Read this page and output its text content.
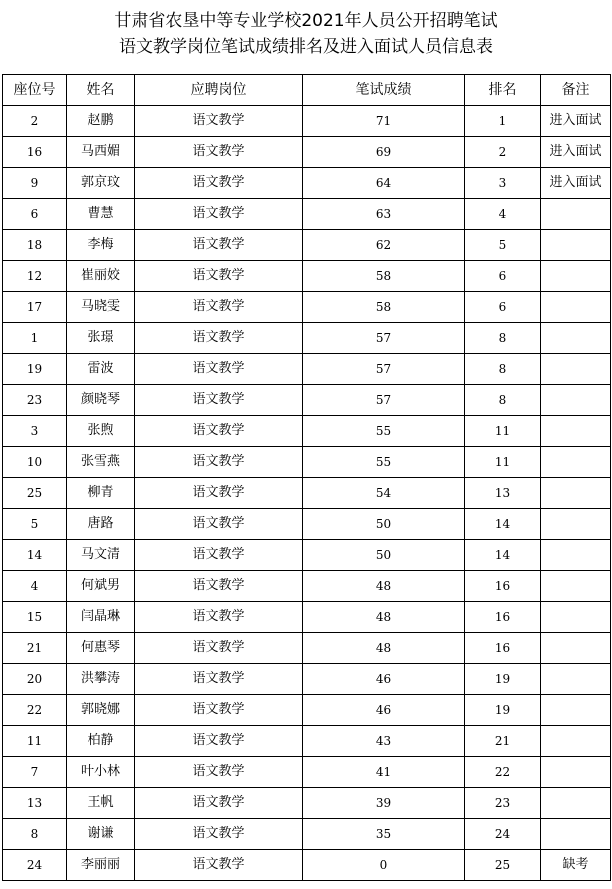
甘肃省农垦中等专业学校2021年人员公开招聘笔试
语文教学岗位笔试成绩排名及进入面试人员信息表
座位号	姓名	应聘岗位	笔试成绩	排名	备注
2	赵鹏	语文教学	71	1	进入面试
16	马西媚	语文教学	69	2	进入面试
9	郭京玟	语文教学	64	3	进入面试
6	曹慧	语文教学	63	4	
18	李梅	语文教学	62	5	
12	崔丽姣	语文教学	58	6	
17	马晓雯	语文教学	58	6	
1	张璟	语文教学	57	8	
19	雷波	语文教学	57	8	
23	颜晓琴	语文教学	57	8	
3	张煦	语文教学	55	11	
10	张雪燕	语文教学	55	11	
25	柳青	语文教学	54	13	
5	唐路	语文教学	50	14	
14	马文清	语文教学	50	14	
4	何斌男	语文教学	48	16	
15	闫晶琳	语文教学	48	16	
21	何惠琴	语文教学	48	16	
20	洪攀涛	语文教学	46	19	
22	郭晓娜	语文教学	46	19	
11	柏静	语文教学	43	21	
7	叶小林	语文教学	41	22	
13	王帆	语文教学	39	23	
8	谢谦	语文教学	35	24	
24	李丽丽	语文教学	0	25	缺考
